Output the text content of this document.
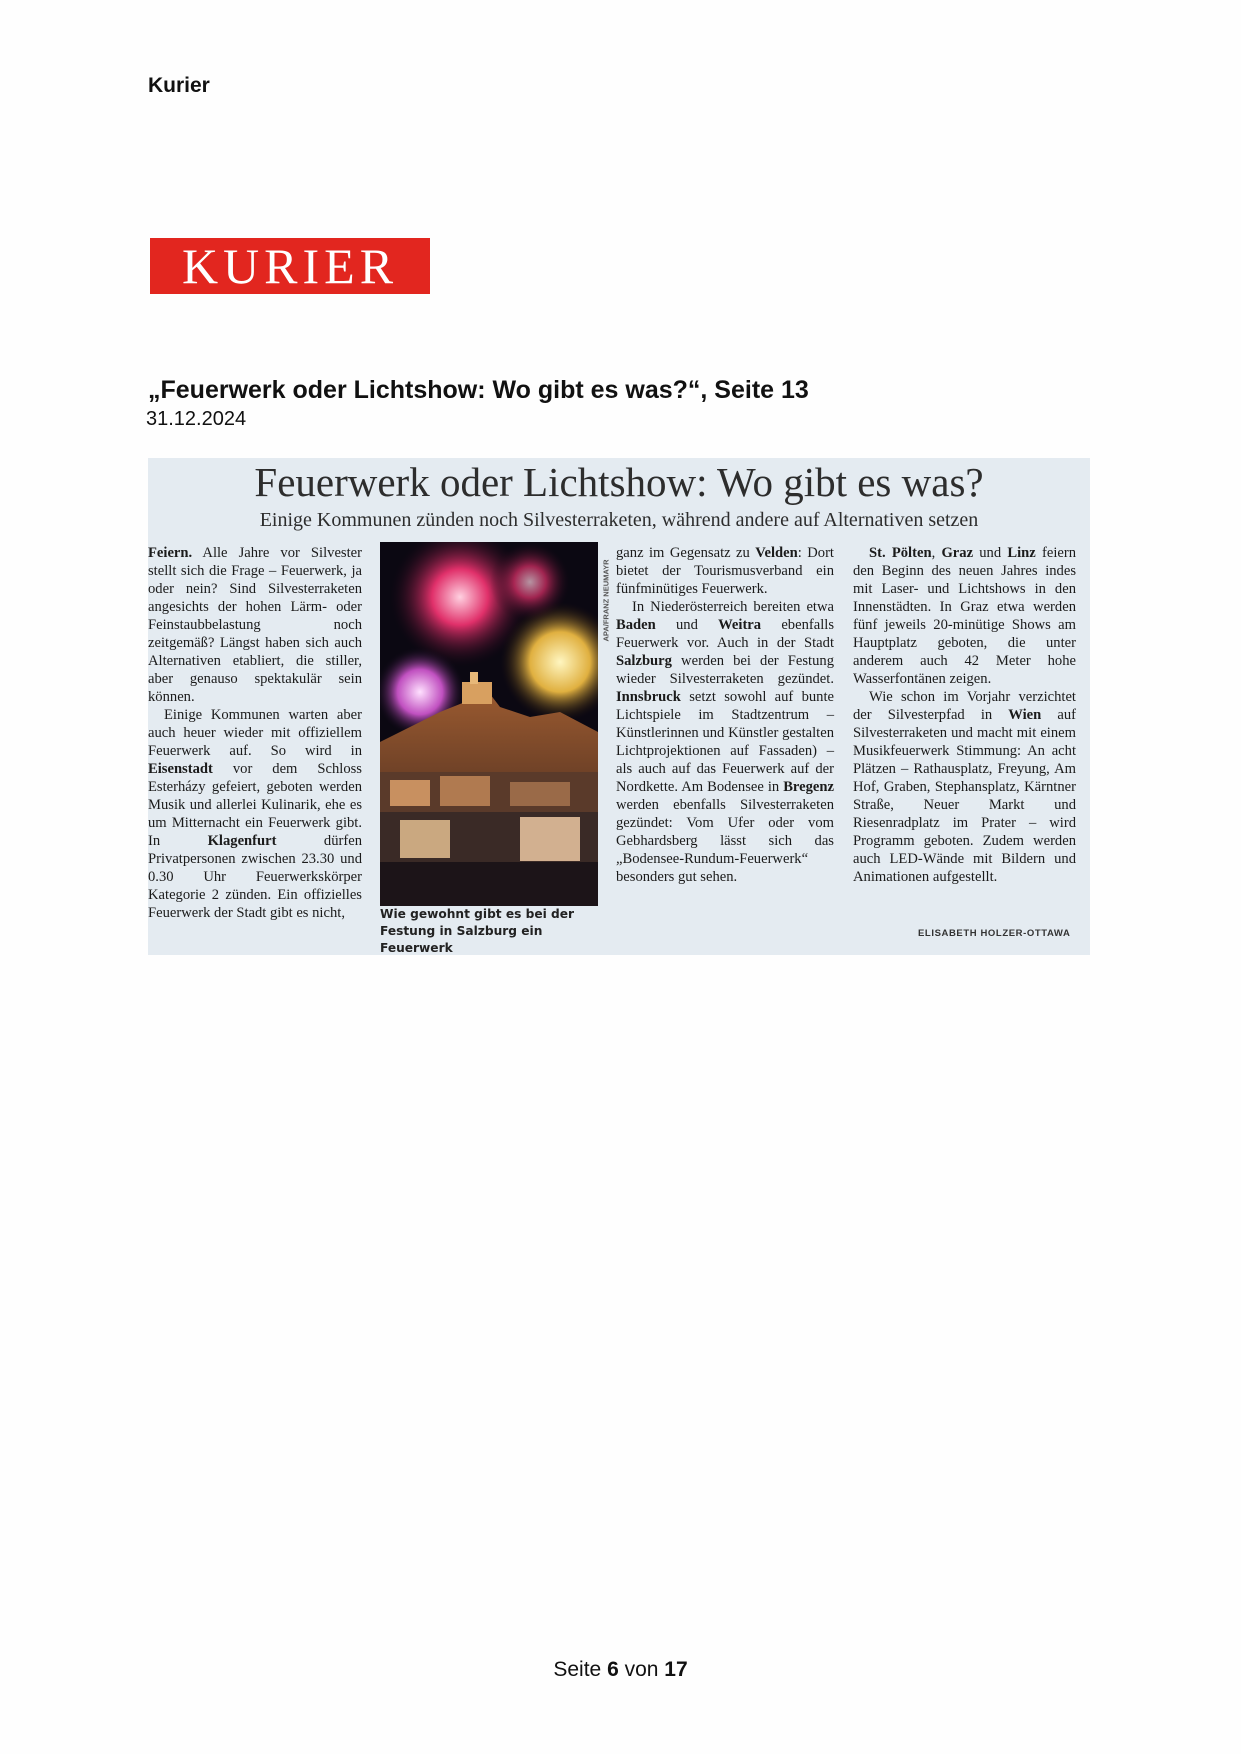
Kurier
KURIER
„Feuerwerk oder Lichtshow: Wo gibt es was?“, Seite 13
31.12.2024
Feuerwerk oder Lichtshow: Wo gibt es was?
Einige Kommunen zünden noch Silvesterraketen, während andere auf Alternativen setzen

Feiern. Alle Jahre vor Silvester stellt sich die Frage – Feuerwerk, ja oder nein? Sind Silvesterraketen angesichts der hohen Lärm- oder Feinstaubbelastung noch zeitgemäß? Längst haben sich auch Alternativen etabliert, die stiller, aber genauso spektakulär sein können.

Einige Kommunen warten aber auch heuer wieder mit offiziellem Feuerwerk auf. So wird in Eisenstadt vor dem Schloss Esterházy gefeiert, geboten werden Musik und allerlei Kulinarik, ehe es um Mitternacht ein Feuerwerk gibt. In Klagenfurt dürfen Privatpersonen zwischen 23.30 und 0.30 Uhr Feuerwerkskörper Kategorie 2 zünden. Ein offizielles Feuerwerk der Stadt gibt es nicht,

APA/FRANZ NEUMAYR
Wie gewohnt gibt es bei der Festung in Salzburg ein Feuerwerk

ganz im Gegensatz zu Velden: Dort bietet der Tourismusverband ein fünfminütiges Feuerwerk.

In Niederösterreich bereiten etwa Baden und Weitra ebenfalls Feuerwerk vor. Auch in der Stadt Salzburg werden bei der Festung wieder Silvesterraketen gezündet. Innsbruck setzt sowohl auf bunte Lichtspiele im Stadtzentrum – Künstlerinnen und Künstler gestalten Lichtprojektionen auf Fassaden) – als auch auf das Feuerwerk auf der Nordkette. Am Bodensee in Bregenz werden ebenfalls Silvesterraketen gezündet: Vom Ufer oder vom Gebhardsberg lässt sich das „Bodensee-Rundum-Feuerwerk“ besonders gut sehen.

St. Pölten, Graz und Linz feiern den Beginn des neuen Jahres indes mit Laser- und Lichtshows in den Innenstädten. In Graz etwa werden fünf jeweils 20-minütige Shows am Hauptplatz geboten, die unter anderem auch 42 Meter hohe Wasserfontänen zeigen.

Wie schon im Vorjahr verzichtet der Silvesterpfad in Wien auf Silvesterraketen und macht mit einem Musikfeuerwerk Stimmung: An acht Plätzen – Rathausplatz, Freyung, Am Hof, Graben, Stephansplatz, Kärntner Straße, Neuer Markt und Riesenradplatz im Prater – wird Programm geboten. Zudem werden auch LED-Wände mit Bildern und Animationen aufgestellt.

ELISABETH HOLZER-OTTAWA
Seite 6 von 17
